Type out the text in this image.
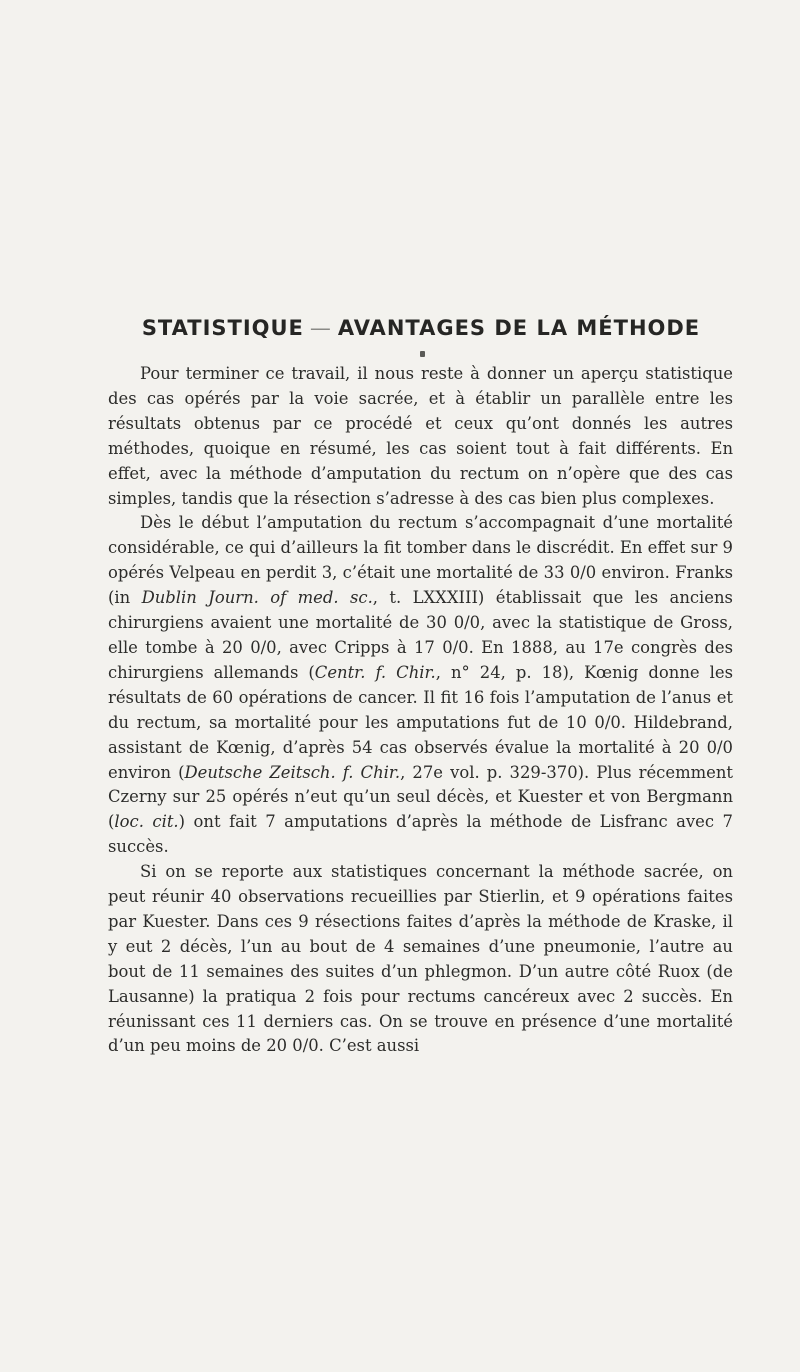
STATISTIQUE — AVANTAGES DE LA MÉTHODE

Pour terminer ce travail, il nous reste à donner un aperçu statistique des cas opérés par la voie sacrée, et à établir un parallèle entre les résultats obtenus par ce procédé et ceux qu’ont donnés les autres méthodes, quoique en résumé, les cas soient tout à fait différents. En effet, avec la méthode d’amputation du rectum on n’opère que des cas simples, tandis que la résection s’adresse à des cas bien plus complexes.

Dès le début l’amputation du rectum s’accompagnait d’une mortalité considérable, ce qui d’ailleurs la fit tomber dans le discrédit. En effet sur 9 opérés Velpeau en perdit 3, c’était une mortalité de 33 0/0 environ. Franks (in Dublin Journ. of med. sc., t. LXXXIII) établissait que les anciens chirurgiens avaient une mortalité de 30 0/0, avec la statistique de Gross, elle tombe à 20 0/0, avec Cripps à 17 0/0. En 1888, au 17e congrès des chirurgiens allemands (Centr. f. Chir., n° 24, p. 18), Kœnig donne les résultats de 60 opérations de cancer. Il fit 16 fois l’amputation de l’anus et du rectum, sa mortalité pour les amputations fut de 10 0/0. Hildebrand, assistant de Kœnig, d’après 54 cas observés évalue la mortalité à 20 0/0 environ (Deutsche Zeitsch. f. Chir., 27e vol. p. 329-370). Plus récemment Czerny sur 25 opérés n’eut qu’un seul décès, et Kuester et von Bergmann (loc. cit.) ont fait 7 amputations d’après la méthode de Lisfranc avec 7 succès.

Si on se reporte aux statistiques concernant la méthode sacrée, on peut réunir 40 observations recueillies par Stierlin, et 9 opérations faites par Kuester. Dans ces 9 résections faites d’après la méthode de Kraske, il y eut 2 décès, l’un au bout de 4 semaines d’une pneumonie, l’autre au bout de 11 semaines des suites d’un phlegmon. D’un autre côté Ruox (de Lausanne) la pratiqua 2 fois pour rectums cancéreux avec 2 succès. En réunissant ces 11 derniers cas. On se trouve en présence d’une mortalité d’un peu moins de 20 0/0. C’est aussi
